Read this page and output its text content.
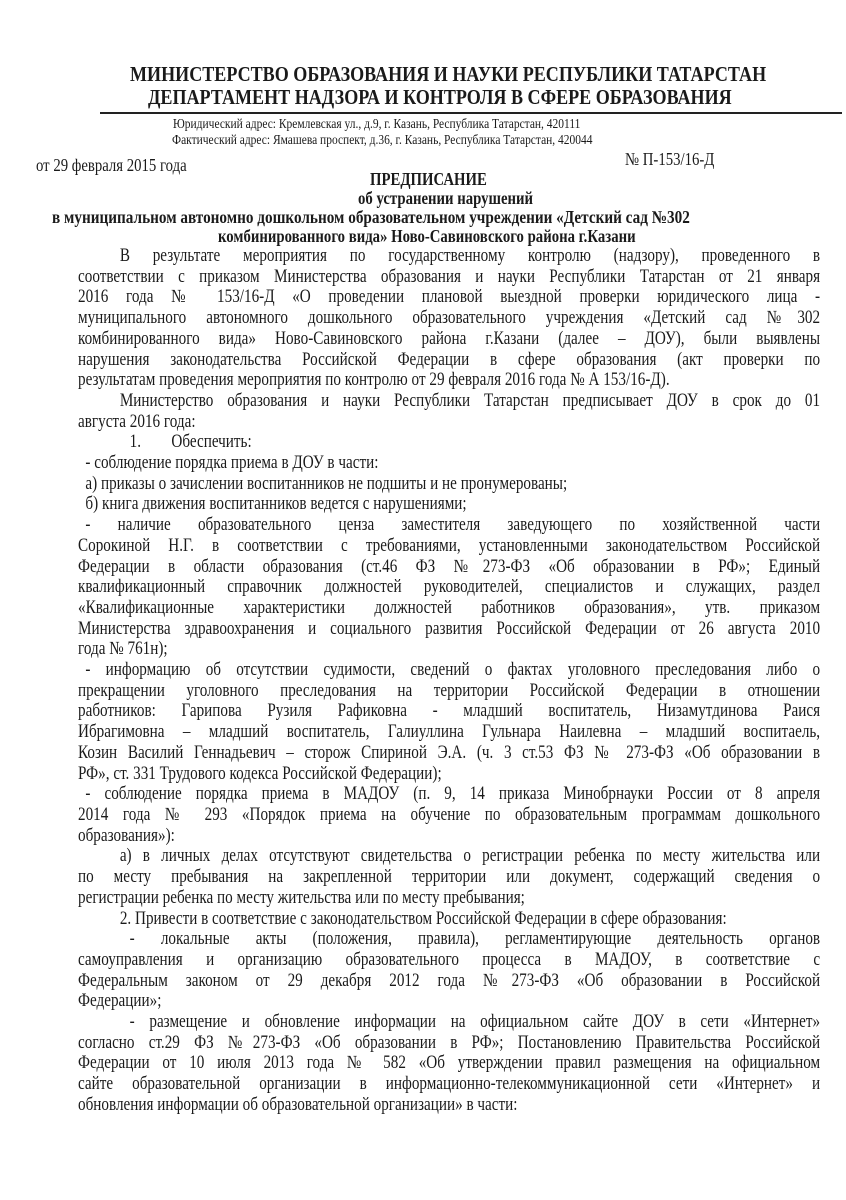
МИНИСТЕРСТВО ОБРАЗОВАНИЯ И НАУКИ РЕСПУБЛИКИ ТАТАРСТАН
ДЕПАРТАМЕНТ НАДЗОРА И КОНТРОЛЯ В СФЕРЕ ОБРАЗОВАНИЯ
Юридический адрес: Кремлевская ул., д.9, г. Казань, Республика Татарстан, 420111
Фактический адрес: Ямашева проспект, д.36, г. Казань, Республика Татарстан, 420044
от 29 февраля 2015 года	№ П-153/16-Д
ПРЕДПИСАНИЕ
об устранении нарушений
в муниципальном автономно дошкольном образовательном учреждении «Детский сад №302
комбинированного вида» Ново-Савиновского района г.Казани
В результате мероприятия по государственному контролю (надзору), проведенного в
соответствии с приказом Министерства образования и науки Республики Татарстан от 21 января
2016 года № 153/16-Д «О проведении плановой выездной проверки юридического лица -
муниципального автономного дошкольного образовательного учреждения «Детский сад №302
комбинированного вида» Ново-Савиновского района г.Казани (далее – ДОУ), были выявлены
нарушения законодательства Российской Федерации в сфере образования (акт проверки по
результатам проведения мероприятия по контролю от 29 февраля 2016 года № А 153/16-Д).
Министерство образования и науки Республики Татарстан предписывает ДОУ в срок до 01
августа 2016 года:
1.        Обеспечить:
- соблюдение порядка приема в ДОУ в части:
а) приказы о зачислении воспитанников не подшиты и не пронумерованы;
б) книга движения воспитанников ведется с нарушениями;
- наличие образовательного ценза заместителя заведующего по хозяйственной части
Сорокиной Н.Г. в соответствии с требованиями, установленными законодательством Российской
Федерации в области образования (ст.46 ФЗ №273-ФЗ «Об образовании в РФ»; Единый
квалификационный справочник должностей руководителей, специалистов и служащих, раздел
«Квалификационные характеристики должностей работников образования», утв. приказом
Министерства здравоохранения и социального развития Российской Федерации от 26 августа 2010
года № 761н);
- информацию об отсутствии судимости, сведений о фактах уголовного преследования либо о
прекращении уголовного преследования на территории Российской Федерации в отношении
работников: Гарипова Рузиля Рафиковна - младший воспитатель, Низамутдинова Раися
Ибрагимовна – младший воспитатель, Галиуллина Гульнара Наилевна – младший воспитаель,
Козин Василий Геннадьевич – сторож Спириной Э.А. (ч. 3 ст.53 ФЗ № 273-ФЗ «Об образовании в
РФ», ст. 331 Трудового кодекса Российской Федерации);
- соблюдение порядка приема в МАДОУ (п. 9, 14 приказа Минобрнауки России от 8 апреля
2014 года № 293 «Порядок приема на обучение по образовательным программам дошкольного
образования»):
а) в личных делах отсутствуют свидетельства о регистрации ребенка по месту жительства или
по месту пребывания на закрепленной территории или документ, содержащий сведения о
регистрации ребенка по месту жительства или по месту пребывания;
2. Привести в соответствие с законодательством Российской Федерации в сфере образования:
- локальные акты (положения, правила), регламентирующие деятельность органов
самоуправления и организацию образовательного процесса в МАДОУ, в соответствие с
Федеральным законом от 29 декабря 2012 года №273-ФЗ «Об образовании в Российской
Федерации»;
- размещение и обновление информации на официальном сайте ДОУ в сети «Интернет»
согласно ст.29 ФЗ №273-ФЗ «Об образовании в РФ»; Постановлению Правительства Российской
Федерации от 10 июля 2013 года № 582 «Об утверждении правил размещения на официальном
сайте образовательной организации в информационно-телекоммуникационной сети «Интернет» и
обновления информации об образовательной организации» в части:
